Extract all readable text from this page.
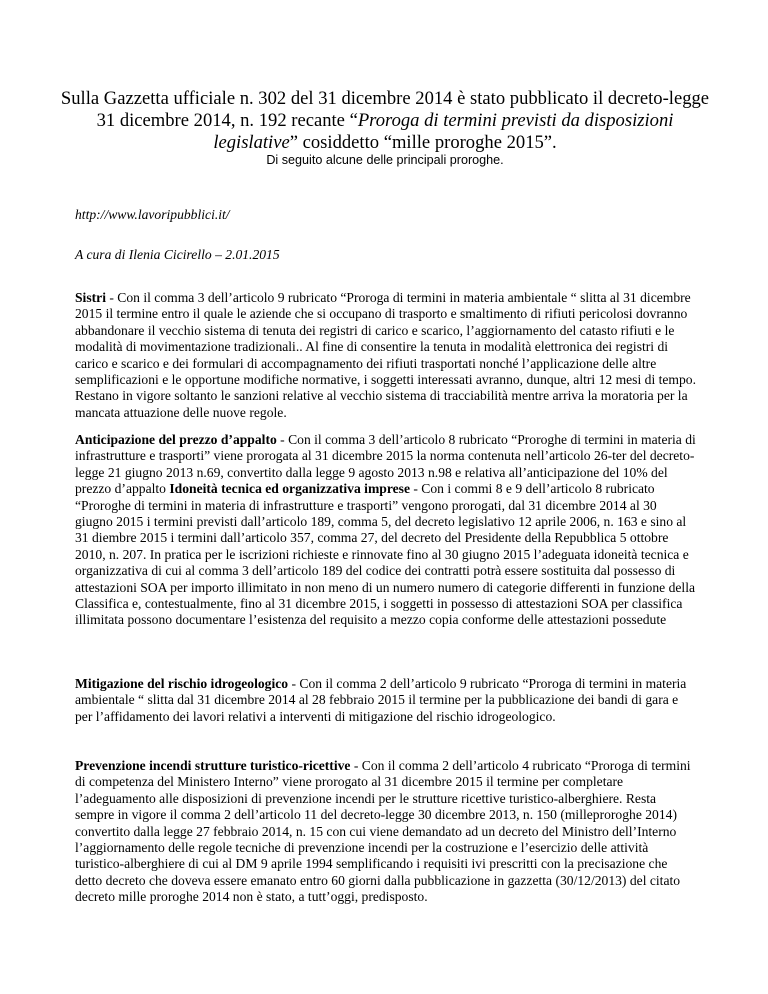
Sulla Gazzetta ufficiale n. 302 del 31 dicembre 2014 è stato pubblicato il decreto-legge 31 dicembre 2014, n. 192 recante “Proroga di termini previsti da disposizioni legislative” cosiddetto “mille proroghe 2015”.
Di seguito alcune delle principali proroghe.
http://www.lavoripubblici.it/
A cura di Ilenia Cicirello – 2.01.2015
Sistri - Con il comma 3 dell’articolo 9 rubricato “Proroga di termini in materia ambientale “ slitta al 31 dicembre 2015 il termine entro il quale le aziende che si occupano di trasporto e smaltimento di rifiuti pericolosi dovranno abbandonare il vecchio sistema di tenuta dei registri di carico e scarico, l’aggiornamento del catasto rifiuti e le modalità di movimentazione tradizionali.. Al fine di consentire la tenuta in modalità elettronica dei registri di carico e scarico e dei formulari di accompagnamento dei rifiuti trasportati nonché l’applicazione delle altre semplificazioni e le opportune modifiche normative, i soggetti interessati avranno, dunque, altri 12 mesi di tempo. Restano in vigore soltanto le sanzioni relative al vecchio sistema di tracciabilità mentre arriva la moratoria per la mancata attuazione delle nuove regole.
Anticipazione del prezzo d’appalto - Con il comma 3 dell’articolo 8 rubricato “Proroghe di termini in materia di infrastrutture e trasporti” viene prorogata al 31 dicembre 2015 la norma contenuta nell’articolo 26-ter del decreto-legge 21 giugno 2013 n.69, convertito dalla legge 9 agosto 2013 n.98 e relativa all’anticipazione del 10% del prezzo d’appalto Idoneità tecnica ed organizzativa imprese - Con i commi 8 e 9 dell’articolo 8 rubricato “Proroghe di termini in materia di infrastrutture e trasporti” vengono prorogati, dal 31 dicembre 2014 al 30 giugno 2015 i termini previsti dall’articolo 189, comma 5, del decreto legislativo 12 aprile 2006, n. 163 e sino al 31 diembre 2015 i termini dall’articolo 357, comma 27, del decreto del Presidente della Repubblica 5 ottobre 2010, n. 207. In pratica per le iscrizioni richieste e rinnovate fino al 30 giugno 2015 l’adeguata idoneità tecnica e organizzativa di cui al comma 3 dell’articolo 189 del codice dei contratti potrà essere sostituita dal possesso di attestazioni SOA per importo illimitato in non meno di un numero numero di categorie differenti in funzione della Classifica e, contestualmente, fino al 31 dicembre 2015, i soggetti in possesso di attestazioni SOA per classifica illimitata possono documentare l’esistenza del requisito a mezzo copia conforme delle attestazioni possedute
Mitigazione del rischio idrogeologico - Con il comma 2 dell’articolo 9 rubricato “Proroga di termini in materia ambientale “ slitta dal 31 dicembre 2014 al 28 febbraio 2015 il termine per la pubblicazione dei bandi di gara e per l’affidamento dei lavori relativi a interventi di mitigazione del rischio idrogeologico.
Prevenzione incendi strutture turistico-ricettive - Con il comma 2 dell’articolo 4 rubricato “Proroga di termini di competenza del Ministero Interno” viene prorogato al 31 dicembre 2015 il termine per completare l’adeguamento alle disposizioni di prevenzione incendi per le strutture ricettive turistico-alberghiere. Resta sempre in vigore il comma 2 dell’articolo 11 del decreto-legge 30 dicembre 2013, n. 150 (milleproroghe 2014) convertito dalla legge 27 febbraio 2014, n. 15 con cui viene demandato ad un decreto del Ministro dell’Interno l’aggiornamento delle regole tecniche di prevenzione incendi per la costruzione e l’esercizio delle attività turistico-alberghiere di cui al DM 9 aprile 1994 semplificando i requisiti ivi prescritti con la precisazione che detto decreto che doveva essere emanato entro 60 giorni dalla pubblicazione in gazzetta (30/12/2013) del citato decreto mille proroghe 2014 non è stato, a tutt’oggi, predisposto.
